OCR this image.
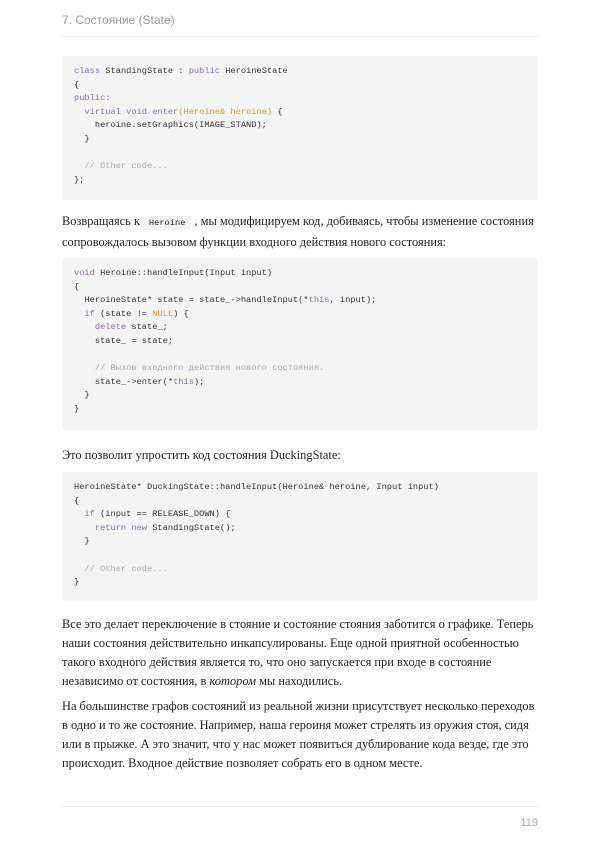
7. Состояние (State)
class StandingState : public HeroineState
{
public:
virtual void enter(Heroine& heroine) {
heroine.setGraphics(IMAGE_STAND);
}
// Other code...
};
Возвращаясь к Heroine , мы модифицируем код, добиваясь, чтобы изменение состояния сопровождалось вызовом функции входного действия нового состояния:
void Heroine::handleInput(Input input)
{
HeroineState* state = state_->handleInput(*this, input);
if (state != NULL) {
delete state_;
state_ = state;
// Вызов входного действия нового состояния.
state_->enter(*this);
}
}
Это позволит упростить код состояния DuckingState:
HeroineState* DuckingState::handleInput(Heroine& heroine, Input input)
{
if (input == RELEASE_DOWN) {
return new StandingState();
}
// Other code...
}
Все это делает переключение в стояние и состояние стояния заботится о графике. Теперь наши состояния действительно инкапсулированы. Еще одной приятной особенностью такого входного действия является то, что оно запускается при входе в состояние независимо от состояния, в котором мы находились.
На большинстве графов состояний из реальной жизни присутствует несколько переходов в одно и то же состояние. Например, наша героиня может стрелять из оружия стоя, сидя или в прыжке. А это значит, что у нас может появиться дублирование кода везде, где это происходит. Входное действие позволяет собрать его в одном месте.
119
